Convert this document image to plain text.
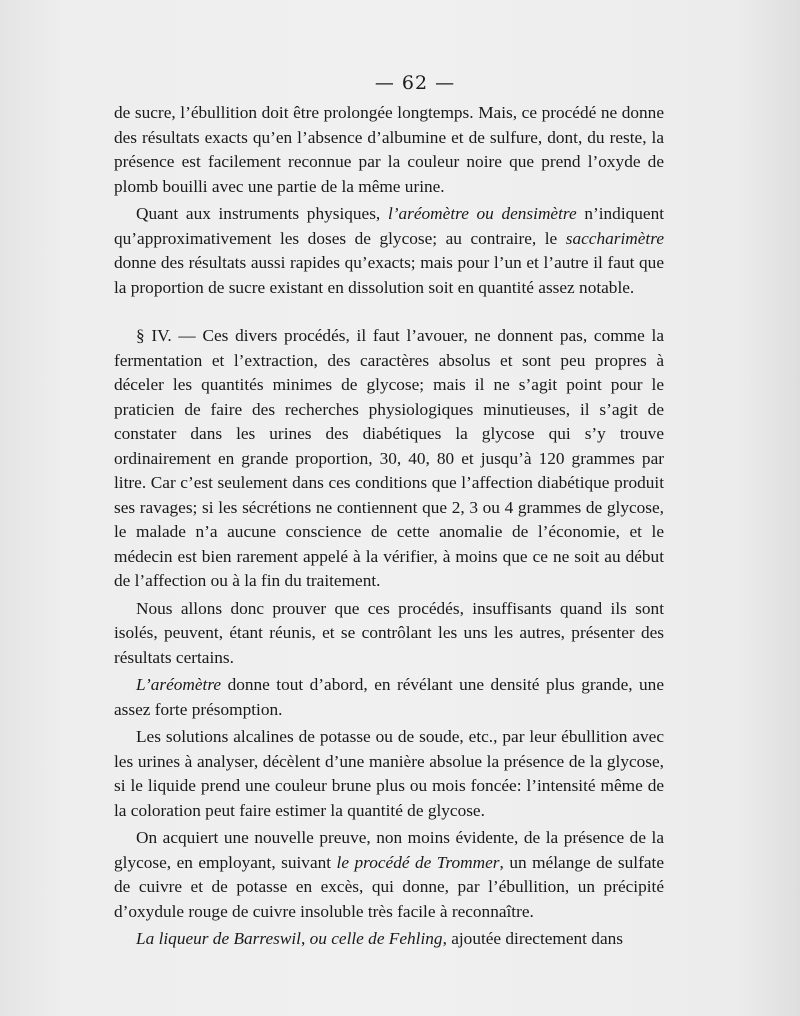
— 62 —

de sucre, l’ébullition doit être prolongée longtemps. Mais, ce procédé ne donne des résultats exacts qu’en l’absence d’albumine et de sulfure, dont, du reste, la présence est facilement reconnue par la couleur noire que prend l’oxyde de plomb bouilli avec une partie de la même urine.

Quant aux instruments physiques, l’aréomètre ou densimètre n’indiquent qu’approximativement les doses de glycose; au contraire, le saccharimètre donne des résultats aussi rapides qu’exacts; mais pour l’un et l’autre il faut que la proportion de sucre existant en dissolution soit en quantité assez notable.

§ IV. — Ces divers procédés, il faut l’avouer, ne donnent pas, comme la fermentation et l’extraction, des caractères absolus et sont peu propres à déceler les quantités minimes de glycose; mais il ne s’agit point pour le praticien de faire des recherches physiologiques minutieuses, il s’agit de constater dans les urines des diabétiques la glycose qui s’y trouve ordinairement en grande proportion, 30, 40, 80 et jusqu’à 120 grammes par litre. Car c’est seulement dans ces conditions que l’affection diabétique produit ses ravages; si les sécrétions ne contiennent que 2, 3 ou 4 grammes de glycose, le malade n’a aucune conscience de cette anomalie de l’économie, et le médecin est bien rarement appelé à la vérifier, à moins que ce ne soit au début de l’affection ou à la fin du traitement.

Nous allons donc prouver que ces procédés, insuffisants quand ils sont isolés, peuvent, étant réunis, et se contrôlant les uns les autres, présenter des résultats certains.

L’aréomètre donne tout d’abord, en révélant une densité plus grande, une assez forte présomption.

Les solutions alcalines de potasse ou de soude, etc., par leur ébullition avec les urines à analyser, décèlent d’une manière absolue la présence de la glycose, si le liquide prend une couleur brune plus ou mois foncée: l’intensité même de la coloration peut faire estimer la quantité de glycose.

On acquiert une nouvelle preuve, non moins évidente, de la présence de la glycose, en employant, suivant le procédé de Trommer, un mélange de sulfate de cuivre et de potasse en excès, qui donne, par l’ébullition, un précipité d’oxydule rouge de cuivre insoluble très facile à reconnaître.

La liqueur de Barreswil, ou celle de Fehling, ajoutée directement dans
